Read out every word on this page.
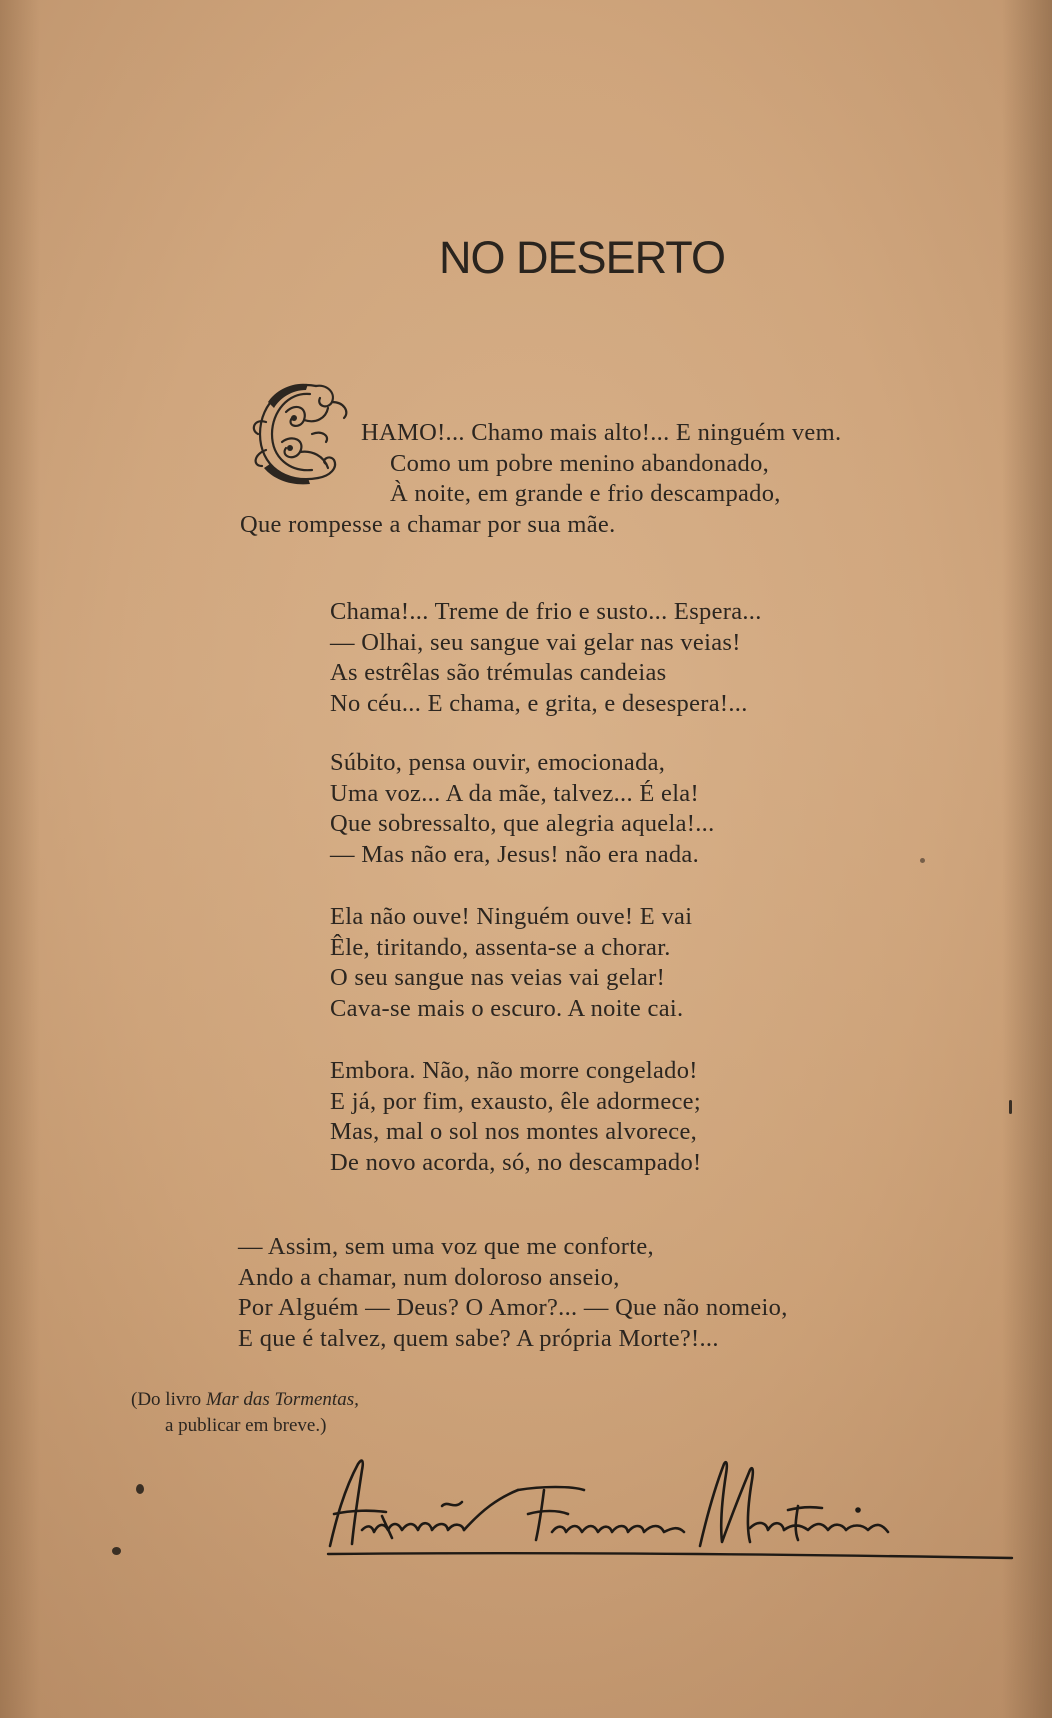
NO DESERTO
HAMO!... Chamo mais alto!... E ninguém vem.
Como um pobre menino abandonado,
À noite, em grande e frio descampado,
Que rompesse a chamar por sua mãe.
Chama!... Treme de frio e susto... Espera...
— Olhai, seu sangue vai gelar nas veias!
As estrêlas são trémulas candeias
No céu... E chama, e grita, e desespera!...
Súbito, pensa ouvir, emocionada,
Uma voz... A da mãe, talvez... É ela!
Que sobressalto, que alegria aquela!...
— Mas não era, Jesus! não era nada.
Ela não ouve! Ninguém ouve! E vai
Êle, tiritando, assenta-se a chorar.
O seu sangue nas veias vai gelar!
Cava-se mais o escuro. A noite cai.
Embora. Não, não morre congelado!
E já, por fim, exausto, êle adormece;
Mas, mal o sol nos montes alvorece,
De novo acorda, só, no descampado!
— Assim, sem uma voz que me conforte,
Ando a chamar, num doloroso anseio,
Por Alguém — Deus? O Amor?... — Que não nomeio,
E que é talvez, quem sabe? A própria Morte?!...
(Do livro Mar das Tormentas,
a publicar em breve.)
